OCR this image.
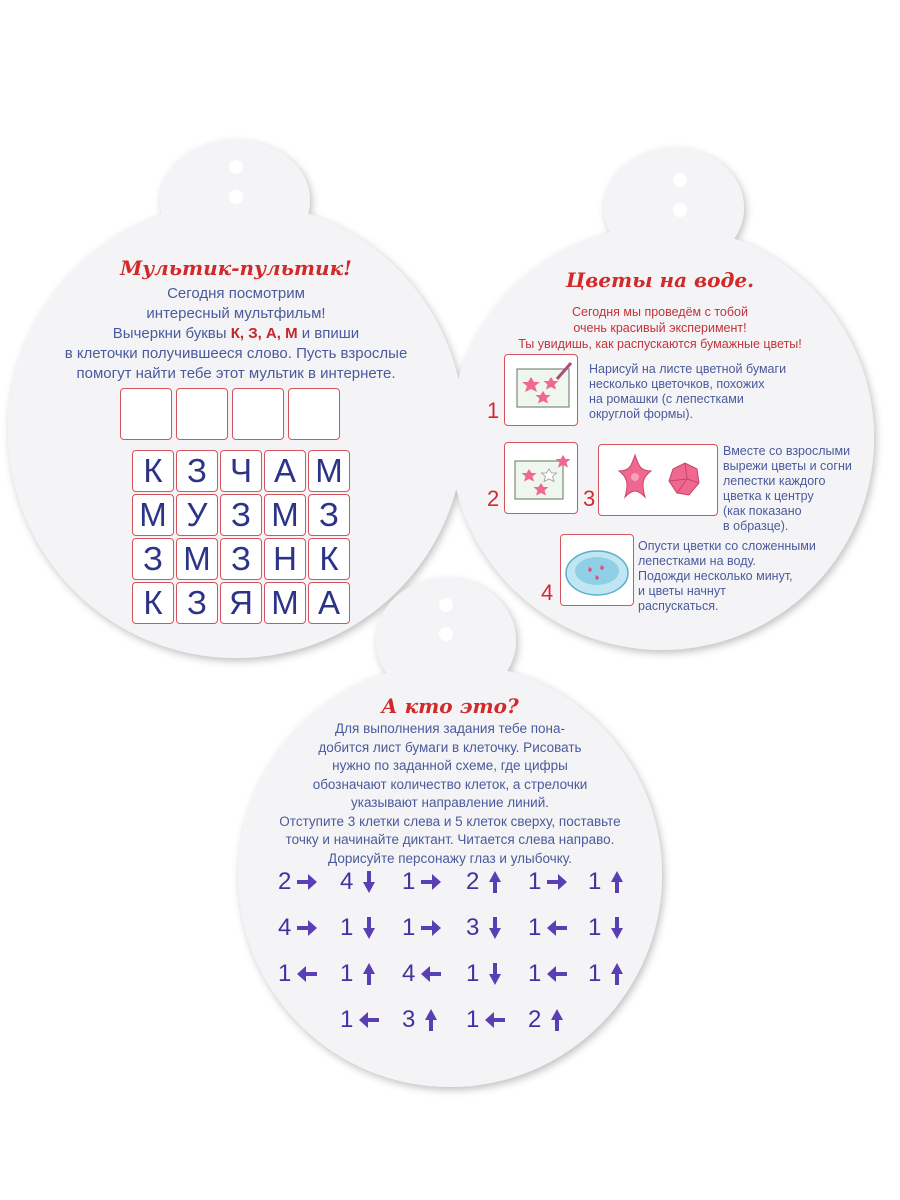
Мультик-пультик!
Сегодня посмотрим
интересный мультфильм!
Вычеркни буквы К, З, А, М и впиши
в клеточки получившееся слово. Пусть взрослые
помогут найти тебе этот мультик в интернете.
К З Ч А М
М У З М З
З М З Н К
К З Я М А
Цветы на воде.
Сегодня мы проведём с тобой
очень красивый эксперимент!
Ты увидишь, как распускаются бумажные цветы!
1
Нарисуй на листе цветной бумаги
несколько цветочков, похожих
на ромашки (с лепестками
округлой формы).
2	3
Вместе со взрослыми
вырежи цветы и согни
лепестки каждого
цветка к центру
(как показано
в образце).
4
Опусти цветки со сложенными
лепестками на воду.
Подожди несколько минут,
и цветы начнут
распускаться.
А кто это?
Для выполнения задания тебе пона-
добится лист бумаги в клеточку. Рисовать
нужно по заданной схеме, где цифры
обозначают количество клеток, а стрелочки
указывают направление линий.
Отступите 3 клетки слева и 5 клеток сверху, поставьте
точку и начинайте диктант. Читается слева направо.
Дорисуйте персонажу глаз и улыбочку.
2 4 1 2 1 1
4 1 1 3 1 1
1 1 4 1 1 1
1 3 1 2
